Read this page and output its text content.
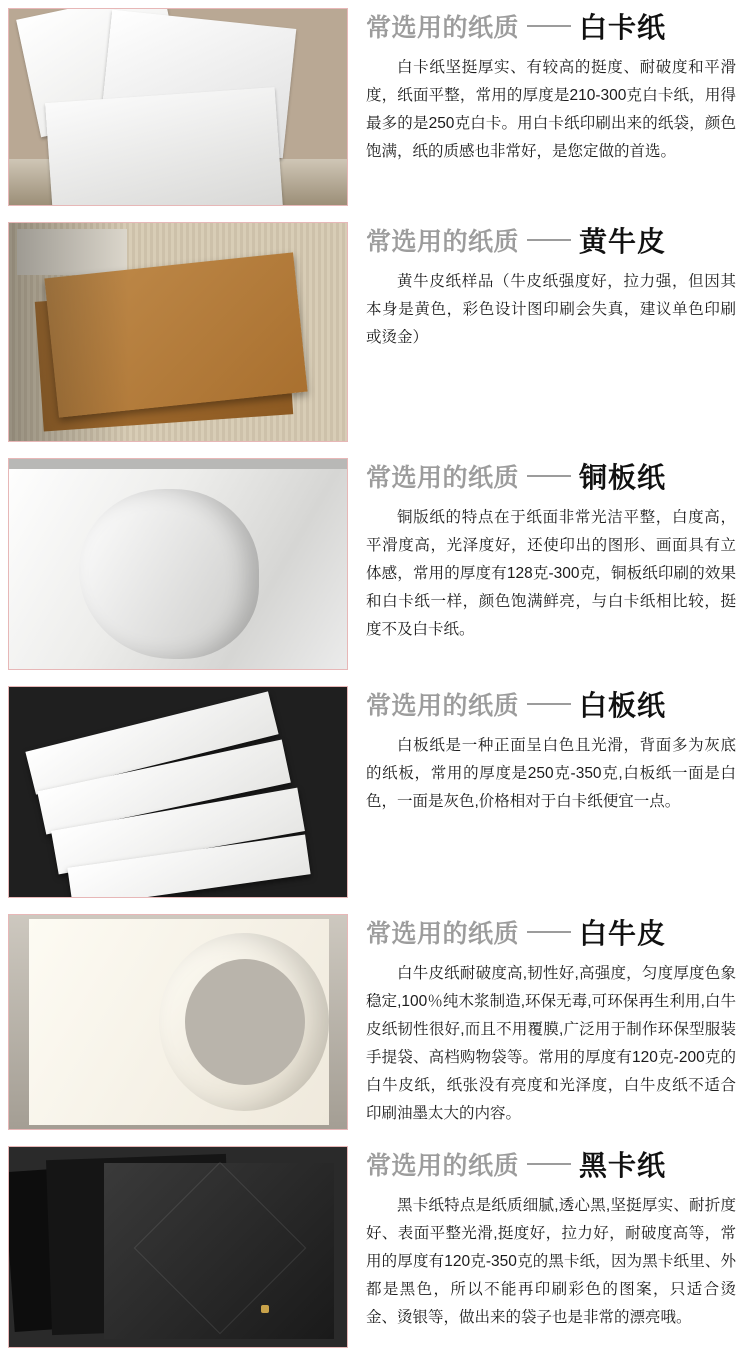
常选用的纸质 白卡纸
白卡纸坚挺厚实、有较高的挺度、耐破度和平滑度，纸面平整，常用的厚度是210-300克白卡纸，用得最多的是250克白卡。用白卡纸印刷出来的纸袋，颜色饱满，纸的质感也非常好，是您定做的首选。
常选用的纸质 黄牛皮
黄牛皮纸样品（牛皮纸强度好，拉力强，但因其本身是黄色，彩色设计图印刷会失真，建议单色印刷或烫金）
常选用的纸质 铜板纸
铜版纸的特点在于纸面非常光洁平整，白度高，平滑度高，光泽度好，还使印出的图形、画面具有立体感，常用的厚度有128克-300克，铜板纸印刷的效果和白卡纸一样，颜色饱满鲜亮，与白卡纸相比较，挺度不及白卡纸。
常选用的纸质 白板纸
白板纸是一种正面呈白色且光滑，背面多为灰底的纸板，常用的厚度是250克-350克,白板纸一面是白色，一面是灰色,价格相对于白卡纸便宜一点。
常选用的纸质 白牛皮
白牛皮纸耐破度高,韧性好,高强度，匀度厚度色象稳定,100％纯木浆制造,环保无毒,可环保再生利用,白牛皮纸韧性很好,而且不用覆膜,广泛用于制作环保型服装手提袋、高档购物袋等。常用的厚度有120克-200克的白牛皮纸，纸张没有亮度和光泽度，白牛皮纸不适合印刷油墨太大的内容。
常选用的纸质 黑卡纸
黑卡纸特点是纸质细腻,透心黑,坚挺厚实、耐折度好、表面平整光滑,挺度好，拉力好，耐破度高等，常用的厚度有120克-350克的黑卡纸，因为黑卡纸里、外都是黑色，所以不能再印刷彩色的图案，只适合烫金、烫银等，做出来的袋子也是非常的漂亮哦。
